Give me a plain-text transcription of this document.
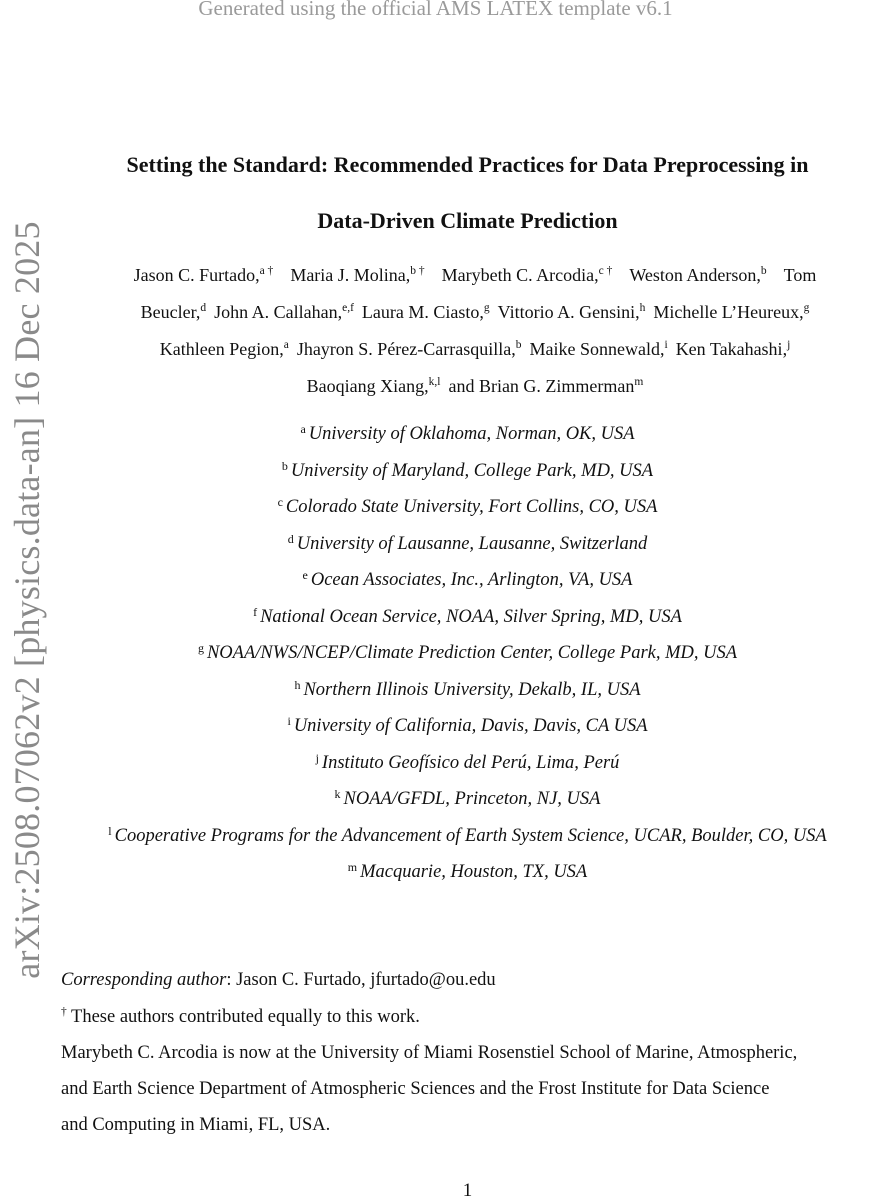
Generated using the official AMS LATEX template v6.1
arXiv:2508.07062v2 [physics.data-an] 16 Dec 2025
Setting the Standard: Recommended Practices for Data Preprocessing in
Data-Driven Climate Prediction
Jason C. Furtado,$^{a \dagger}$ Maria J. Molina,$^{b \dagger}$ Marybeth C. Arcodia,$^{c \dagger}$ Weston Anderson,$^b$ Tom
Beucler,$^d$ John A. Callahan,$^{e,f}$ Laura M. Ciasto,$^g$ Vittorio A. Gensini,$^h$ Michelle L’Heureux,$^g$
Kathleen Pegion,$^a$ Jhayron S. Pérez-Carrasquilla,$^b$ Maike Sonnewald,$^i$ Ken Takahashi,$^j$
Baoqiang Xiang,$^{k,l}$ and Brian G. Zimmerman$^m$
$^a$ University of Oklahoma, Norman, OK, USA
$^b$ University of Maryland, College Park, MD, USA
$^c$ Colorado State University, Fort Collins, CO, USA
$^d$ University of Lausanne, Lausanne, Switzerland
$^e$ Ocean Associates, Inc., Arlington, VA, USA
$^f$ National Ocean Service, NOAA, Silver Spring, MD, USA
$^g$ NOAA/NWS/NCEP/Climate Prediction Center, College Park, MD, USA
$^h$ Northern Illinois University, Dekalb, IL, USA
$^i$ University of California, Davis, Davis, CA USA
$^j$ Instituto Geofísico del Perú, Lima, Perú
$^k$ NOAA/GFDL, Princeton, NJ, USA
$^l$ Cooperative Programs for the Advancement of Earth System Science, UCAR, Boulder, CO, USA
$^m$ Macquarie, Houston, TX, USA
Corresponding author: Jason C. Furtado, jfurtado@ou.edu
† These authors contributed equally to this work.
Marybeth C. Arcodia is now at the University of Miami Rosenstiel School of Marine, Atmospheric,
and Earth Science Department of Atmospheric Sciences and the Frost Institute for Data Science
and Computing in Miami, FL, USA.
1
